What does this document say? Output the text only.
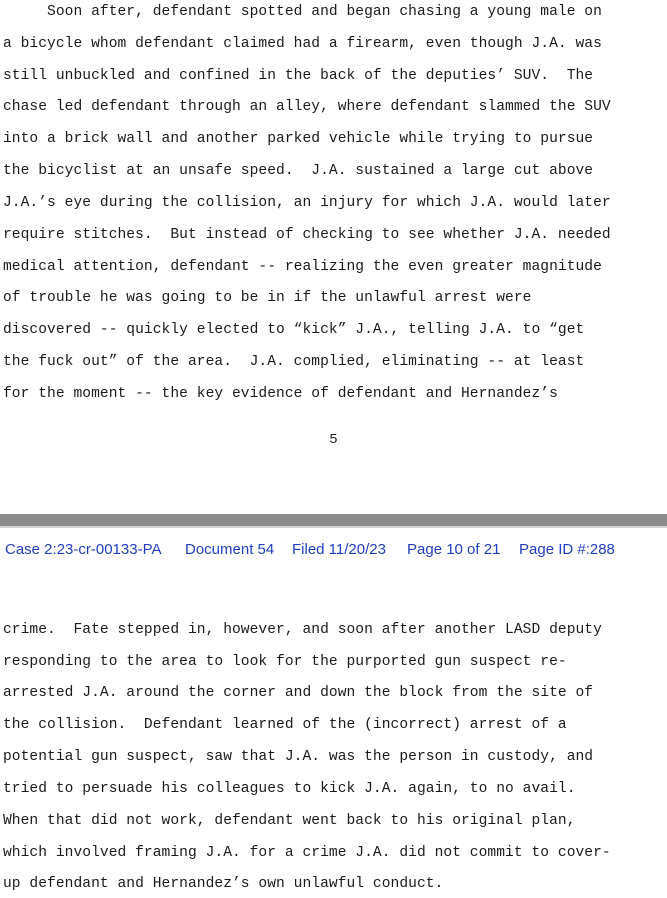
Soon after, defendant spotted and began chasing a young male on
a bicycle whom defendant claimed had a firearm, even though J.A. was
still unbuckled and confined in the back of the deputies’ SUV.  The
chase led defendant through an alley, where defendant slammed the SUV
into a brick wall and another parked vehicle while trying to pursue
the bicyclist at an unsafe speed.  J.A. sustained a large cut above
J.A.’s eye during the collision, an injury for which J.A. would later
require stitches.  But instead of checking to see whether J.A. needed
medical attention, defendant -- realizing the even greater magnitude
of trouble he was going to be in if the unlawful arrest were
discovered -- quickly elected to “kick” J.A., telling J.A. to “get
the fuck out” of the area.  J.A. complied, eliminating -- at least
for the moment -- the key evidence of defendant and Hernandez’s
5
crime.  Fate stepped in, however, and soon after another LASD deputy
responding to the area to look for the purported gun suspect re-
arrested J.A. around the corner and down the block from the site of
the collision.  Defendant learned of the (incorrect) arrest of a
potential gun suspect, saw that J.A. was the person in custody, and
tried to persuade his colleagues to kick J.A. again, to no avail.
When that did not work, defendant went back to his original plan,
which involved framing J.A. for a crime J.A. did not commit to cover-
up defendant and Hernandez’s own unlawful conduct.
Case 2:23-cr-00133-PA Document 54 Filed 11/20/23 Page 10 of 21 Page ID #:288
